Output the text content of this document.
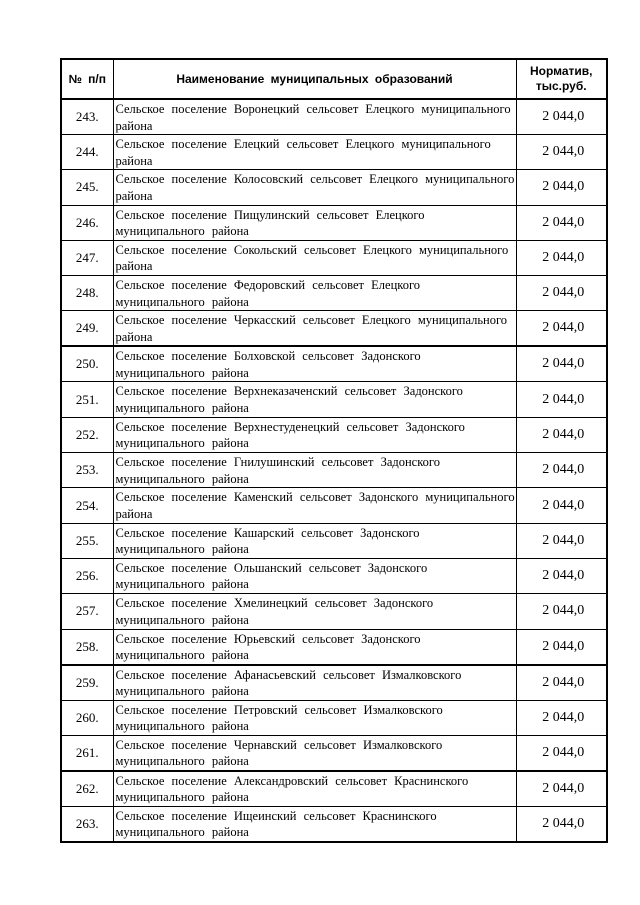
№ п/п	Наименование муниципальных образований	Норматив, тыс.руб.
243.	Сельское поселение Воронецкий сельсовет Елецкого муниципального района	2 044,0
244.	Сельское поселение Елецкий сельсовет Елецкого муниципального района	2 044,0
245.	Сельское поселение Колосовский сельсовет Елецкого муниципального района	2 044,0
246.	Сельское поселение Пищулинский сельсовет Елецкого муниципального района	2 044,0
247.	Сельское поселение Сокольский сельсовет Елецкого муниципального района	2 044,0
248.	Сельское поселение Федоровский сельсовет Елецкого муниципального района	2 044,0
249.	Сельское поселение Черкасский сельсовет Елецкого муниципального района	2 044,0
250.	Сельское поселение Болховской сельсовет Задонского муниципального района	2 044,0
251.	Сельское поселение Верхнеказаченский сельсовет Задонского муниципального района	2 044,0
252.	Сельское поселение Верхнестуденецкий сельсовет Задонского муниципального района	2 044,0
253.	Сельское поселение Гнилушинский сельсовет Задонского муниципального района	2 044,0
254.	Сельское поселение Каменский сельсовет Задонского муниципального района	2 044,0
255.	Сельское поселение Кашарский сельсовет Задонского муниципального района	2 044,0
256.	Сельское поселение Ольшанский сельсовет Задонского муниципального района	2 044,0
257.	Сельское поселение Хмелинецкий сельсовет Задонского муниципального района	2 044,0
258.	Сельское поселение Юрьевский сельсовет Задонского муниципального района	2 044,0
259.	Сельское поселение Афанасьевский сельсовет Измалковского муниципального района	2 044,0
260.	Сельское поселение Петровский сельсовет Измалковского муниципального района	2 044,0
261.	Сельское поселение Чернавский сельсовет Измалковского муниципального района	2 044,0
262.	Сельское поселение Александровский сельсовет Краснинского муниципального района	2 044,0
263.	Сельское поселение Ищеинский сельсовет Краснинского муниципального района	2 044,0
